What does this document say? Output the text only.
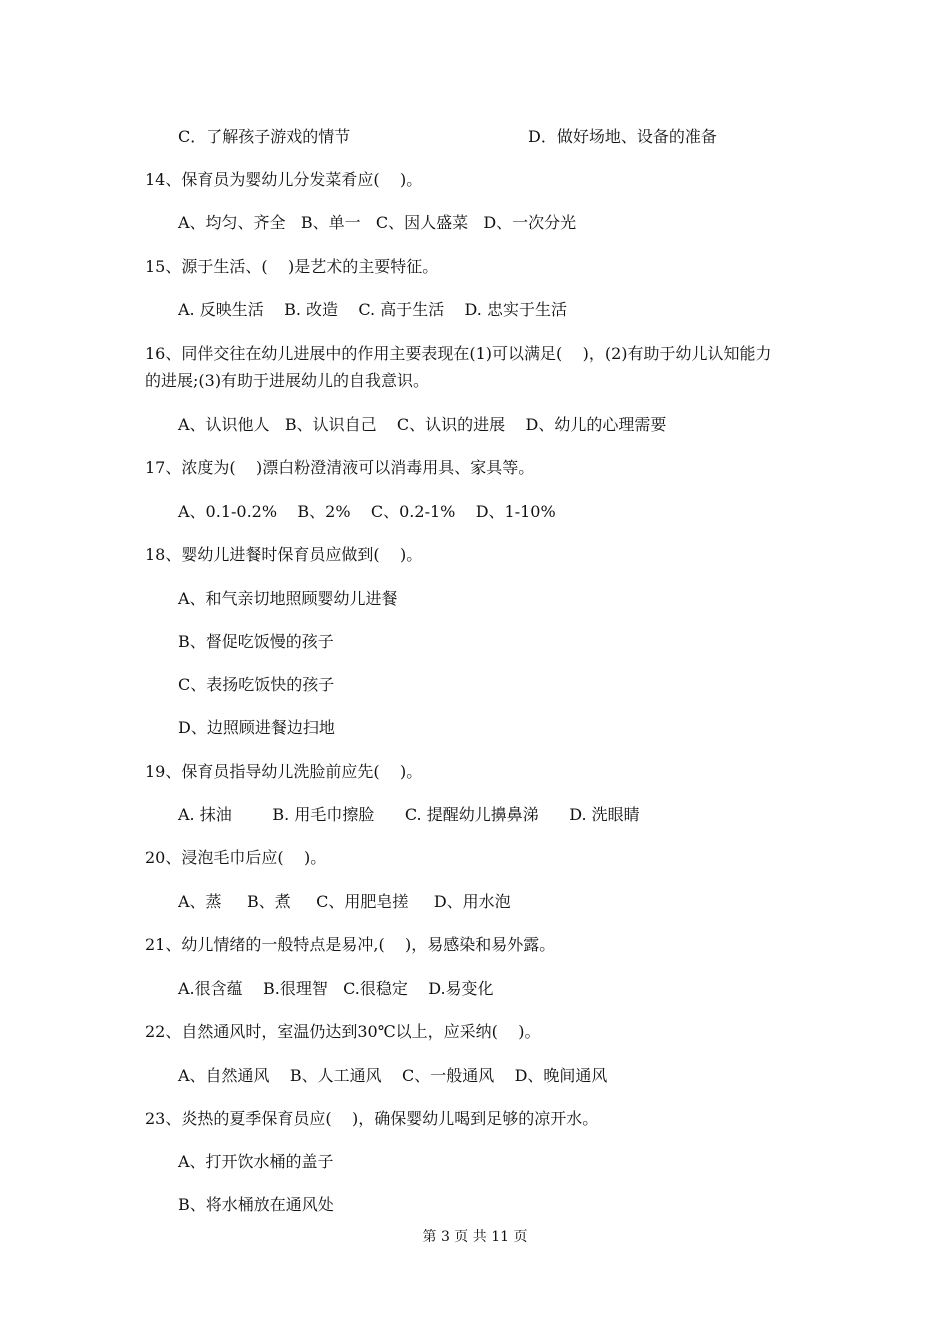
C．了解孩子游戏的情节	D．做好场地、设备的准备
14、保育员为婴幼儿分发菜肴应(    )。
A、均匀、齐全   B、单一   C、因人盛菜   D、一次分光
15、源于生活、(    )是艺术的主要特征。
A. 反映生活    B. 改造    C. 高于生活    D. 忠实于生活
16、同伴交往在幼儿进展中的作用主要表现在(1)可以满足(    )，(2)有助于幼儿认知能力
的进展;(3)有助于进展幼儿的自我意识。
A、认识他人   B、认识自己    C、认识的进展    D、幼儿的心理需要
17、浓度为(    )漂白粉澄清液可以消毒用具、家具等。
A、0.1-0.2%    B、2%    C、0.2-1%    D、1-10%
18、婴幼儿进餐时保育员应做到(    )。
A、和气亲切地照顾婴幼儿进餐
B、督促吃饭慢的孩子
C、表扬吃饭快的孩子
D、边照顾进餐边扫地
19、保育员指导幼儿洗脸前应先(    )。
A. 抹油        B. 用毛巾擦脸      C. 提醒幼儿擤鼻涕      D. 洗眼睛
20、浸泡毛巾后应(    )。
A、蒸     B、煮     C、用肥皂搓     D、用水泡
21、幼儿情绪的一般特点是易冲,(    )，易感染和易外露。
A.很含蕴    B.很理智   C.很稳定    D.易变化
22、自然通风时，室温仍达到30℃以上，应采纳(    )。
A、自然通风    B、人工通风    C、一般通风    D、晚间通风
23、炎热的夏季保育员应(    )，确保婴幼儿喝到足够的凉开水。
A、打开饮水桶的盖子
B、将水桶放在通风处
第 3 页 共 11 页
